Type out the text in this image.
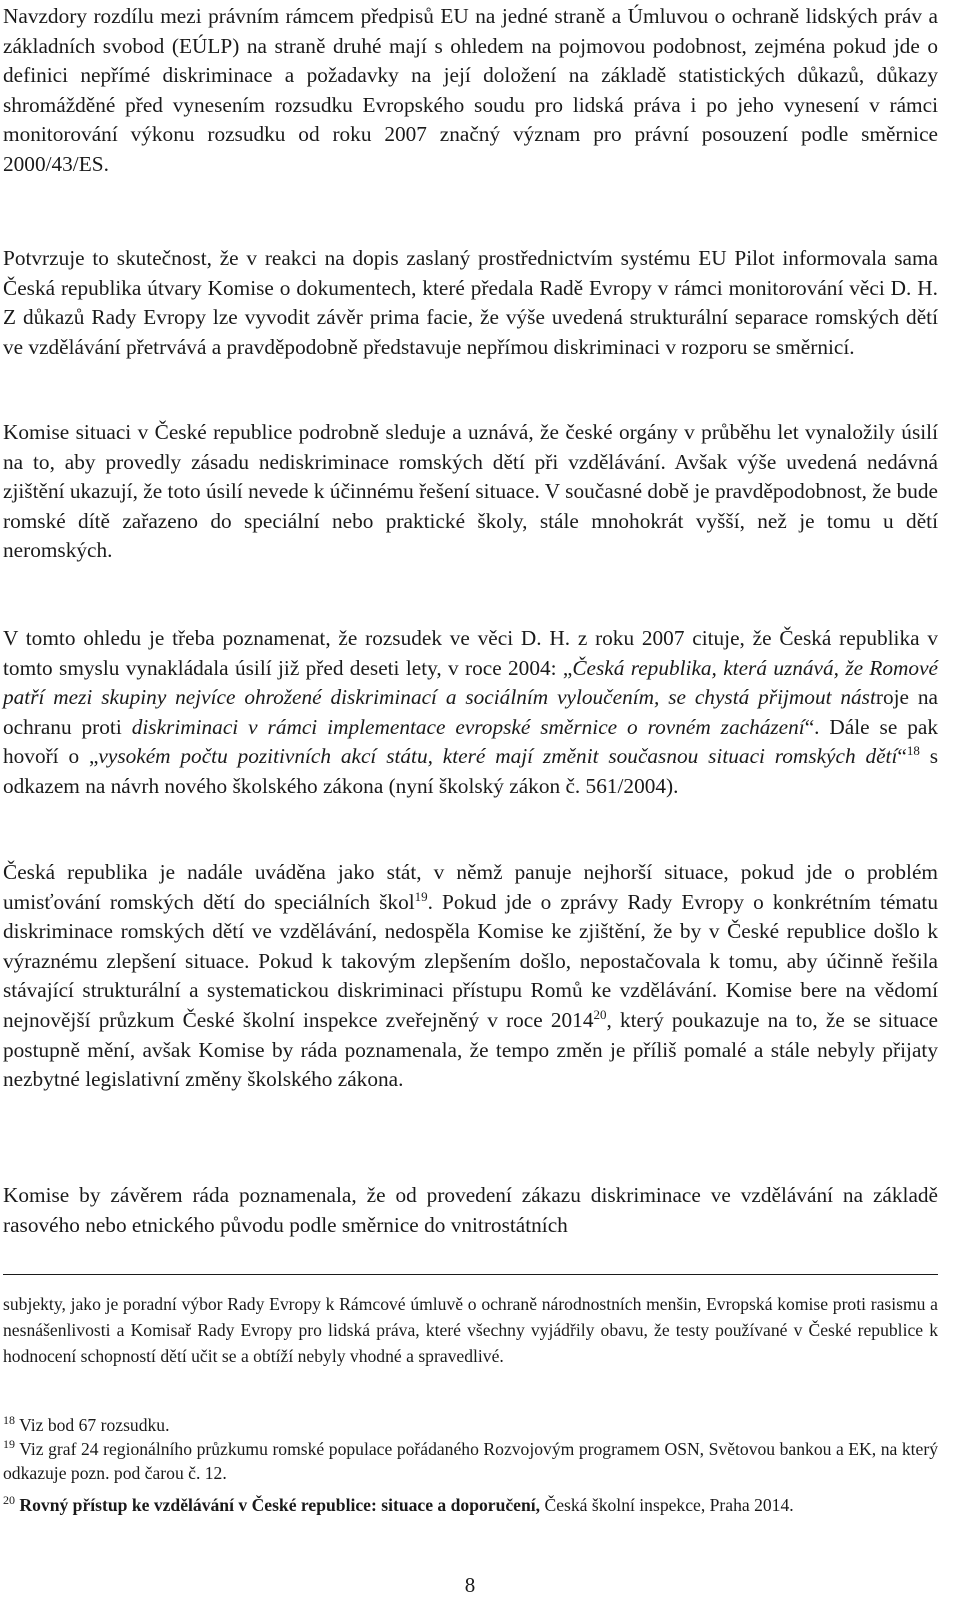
Navzdory rozdílu mezi právním rámcem předpisů EU na jedné straně a Úmluvou o ochraně lidských práv a základních svobod (EÚLP) na straně druhé mají s ohledem na pojmovou podobnost, zejména pokud jde o definici nepřímé diskriminace a požadavky na její doložení na základě statistických důkazů, důkazy shromážděné před vynesením rozsudku Evropského soudu pro lidská práva i po jeho vynesení v rámci monitorování výkonu rozsudku od roku 2007 značný význam pro právní posouzení podle směrnice 2000/43/ES.

Potvrzuje to skutečnost, že v reakci na dopis zaslaný prostřednictvím systému EU Pilot informovala sama Česká republika útvary Komise o dokumentech, které předala Radě Evropy v rámci monitorování věci D. H. Z důkazů Rady Evropy lze vyvodit závěr prima facie, že výše uvedená strukturální separace romských dětí ve vzdělávání přetrvává a pravděpodobně představuje nepřímou diskriminaci v rozporu se směrnicí.

Komise situaci v České republice podrobně sleduje a uznává, že české orgány v průběhu let vynaložily úsilí na to, aby provedly zásadu nediskriminace romských dětí při vzdělávání. Avšak výše uvedená nedávná zjištění ukazují, že toto úsilí nevede k účinnému řešení situace. V současné době je pravděpodobnost, že bude romské dítě zařazeno do speciální nebo praktické školy, stále mnohokrát vyšší, než je tomu u dětí neromských.

V tomto ohledu je třeba poznamenat, že rozsudek ve věci D. H. z roku 2007 cituje, že Česká republika v tomto smyslu vynakládala úsilí již před deseti lety, v roce 2004: „Česká republika, která uznává, že Romové patří mezi skupiny nejvíce ohrožené diskriminací a sociálním vyloučením, se chystá přijmout nástroje na ochranu proti diskriminaci v rámci implementace evropské směrnice o rovném zacházení“. Dále se pak hovoří o „vysokém počtu pozitivních akcí státu, které mají změnit současnou situaci romských dětí“$^{18}$ s odkazem na návrh nového školského zákona (nyní školský zákon č. 561/2004).

Česká republika je nadále uváděna jako stát, v němž panuje nejhorší situace, pokud jde o problém umisťování romských dětí do speciálních škol$^{19}$. Pokud jde o zprávy Rady Evropy o konkrétním tématu diskriminace romských dětí ve vzdělávání, nedospěla Komise ke zjištění, že by v České republice došlo k výraznému zlepšení situace. Pokud k takovým zlepšením došlo, nepostačovala k tomu, aby účinně řešila stávající strukturální a systematickou diskriminaci přístupu Romů ke vzdělávání. Komise bere na vědomí nejnovější průzkum České školní inspekce zveřejněný v roce 2014$^{20}$, který poukazuje na to, že se situace postupně mění, avšak Komise by ráda poznamenala, že tempo změn je příliš pomalé a stále nebyly přijaty nezbytné legislativní změny školského zákona.

Komise by závěrem ráda poznamenala, že od provedení zákazu diskriminace ve vzdělávání na základě rasového nebo etnického původu podle směrnice do vnitrostátních

subjekty, jako je poradní výbor Rady Evropy k Rámcové úmluvě o ochraně národnostních menšin, Evropská komise proti rasismu a nesnášenlivosti a Komisař Rady Evropy pro lidská práva, které všechny vyjádřily obavu, že testy používané v České republice k hodnocení schopností dětí učit se a obtíží nebyly vhodné a spravedlivé.

$^{18}$ Viz bod 67 rozsudku.

$^{19}$ Viz graf 24 regionálního průzkumu romské populace pořádaného Rozvojovým programem OSN, Světovou bankou a EK, na který odkazuje pozn. pod čarou č. 12.

$^{20}$ Rovný přístup ke vzdělávání v České republice: situace a doporučení, Česká školní inspekce, Praha 2014.

8
